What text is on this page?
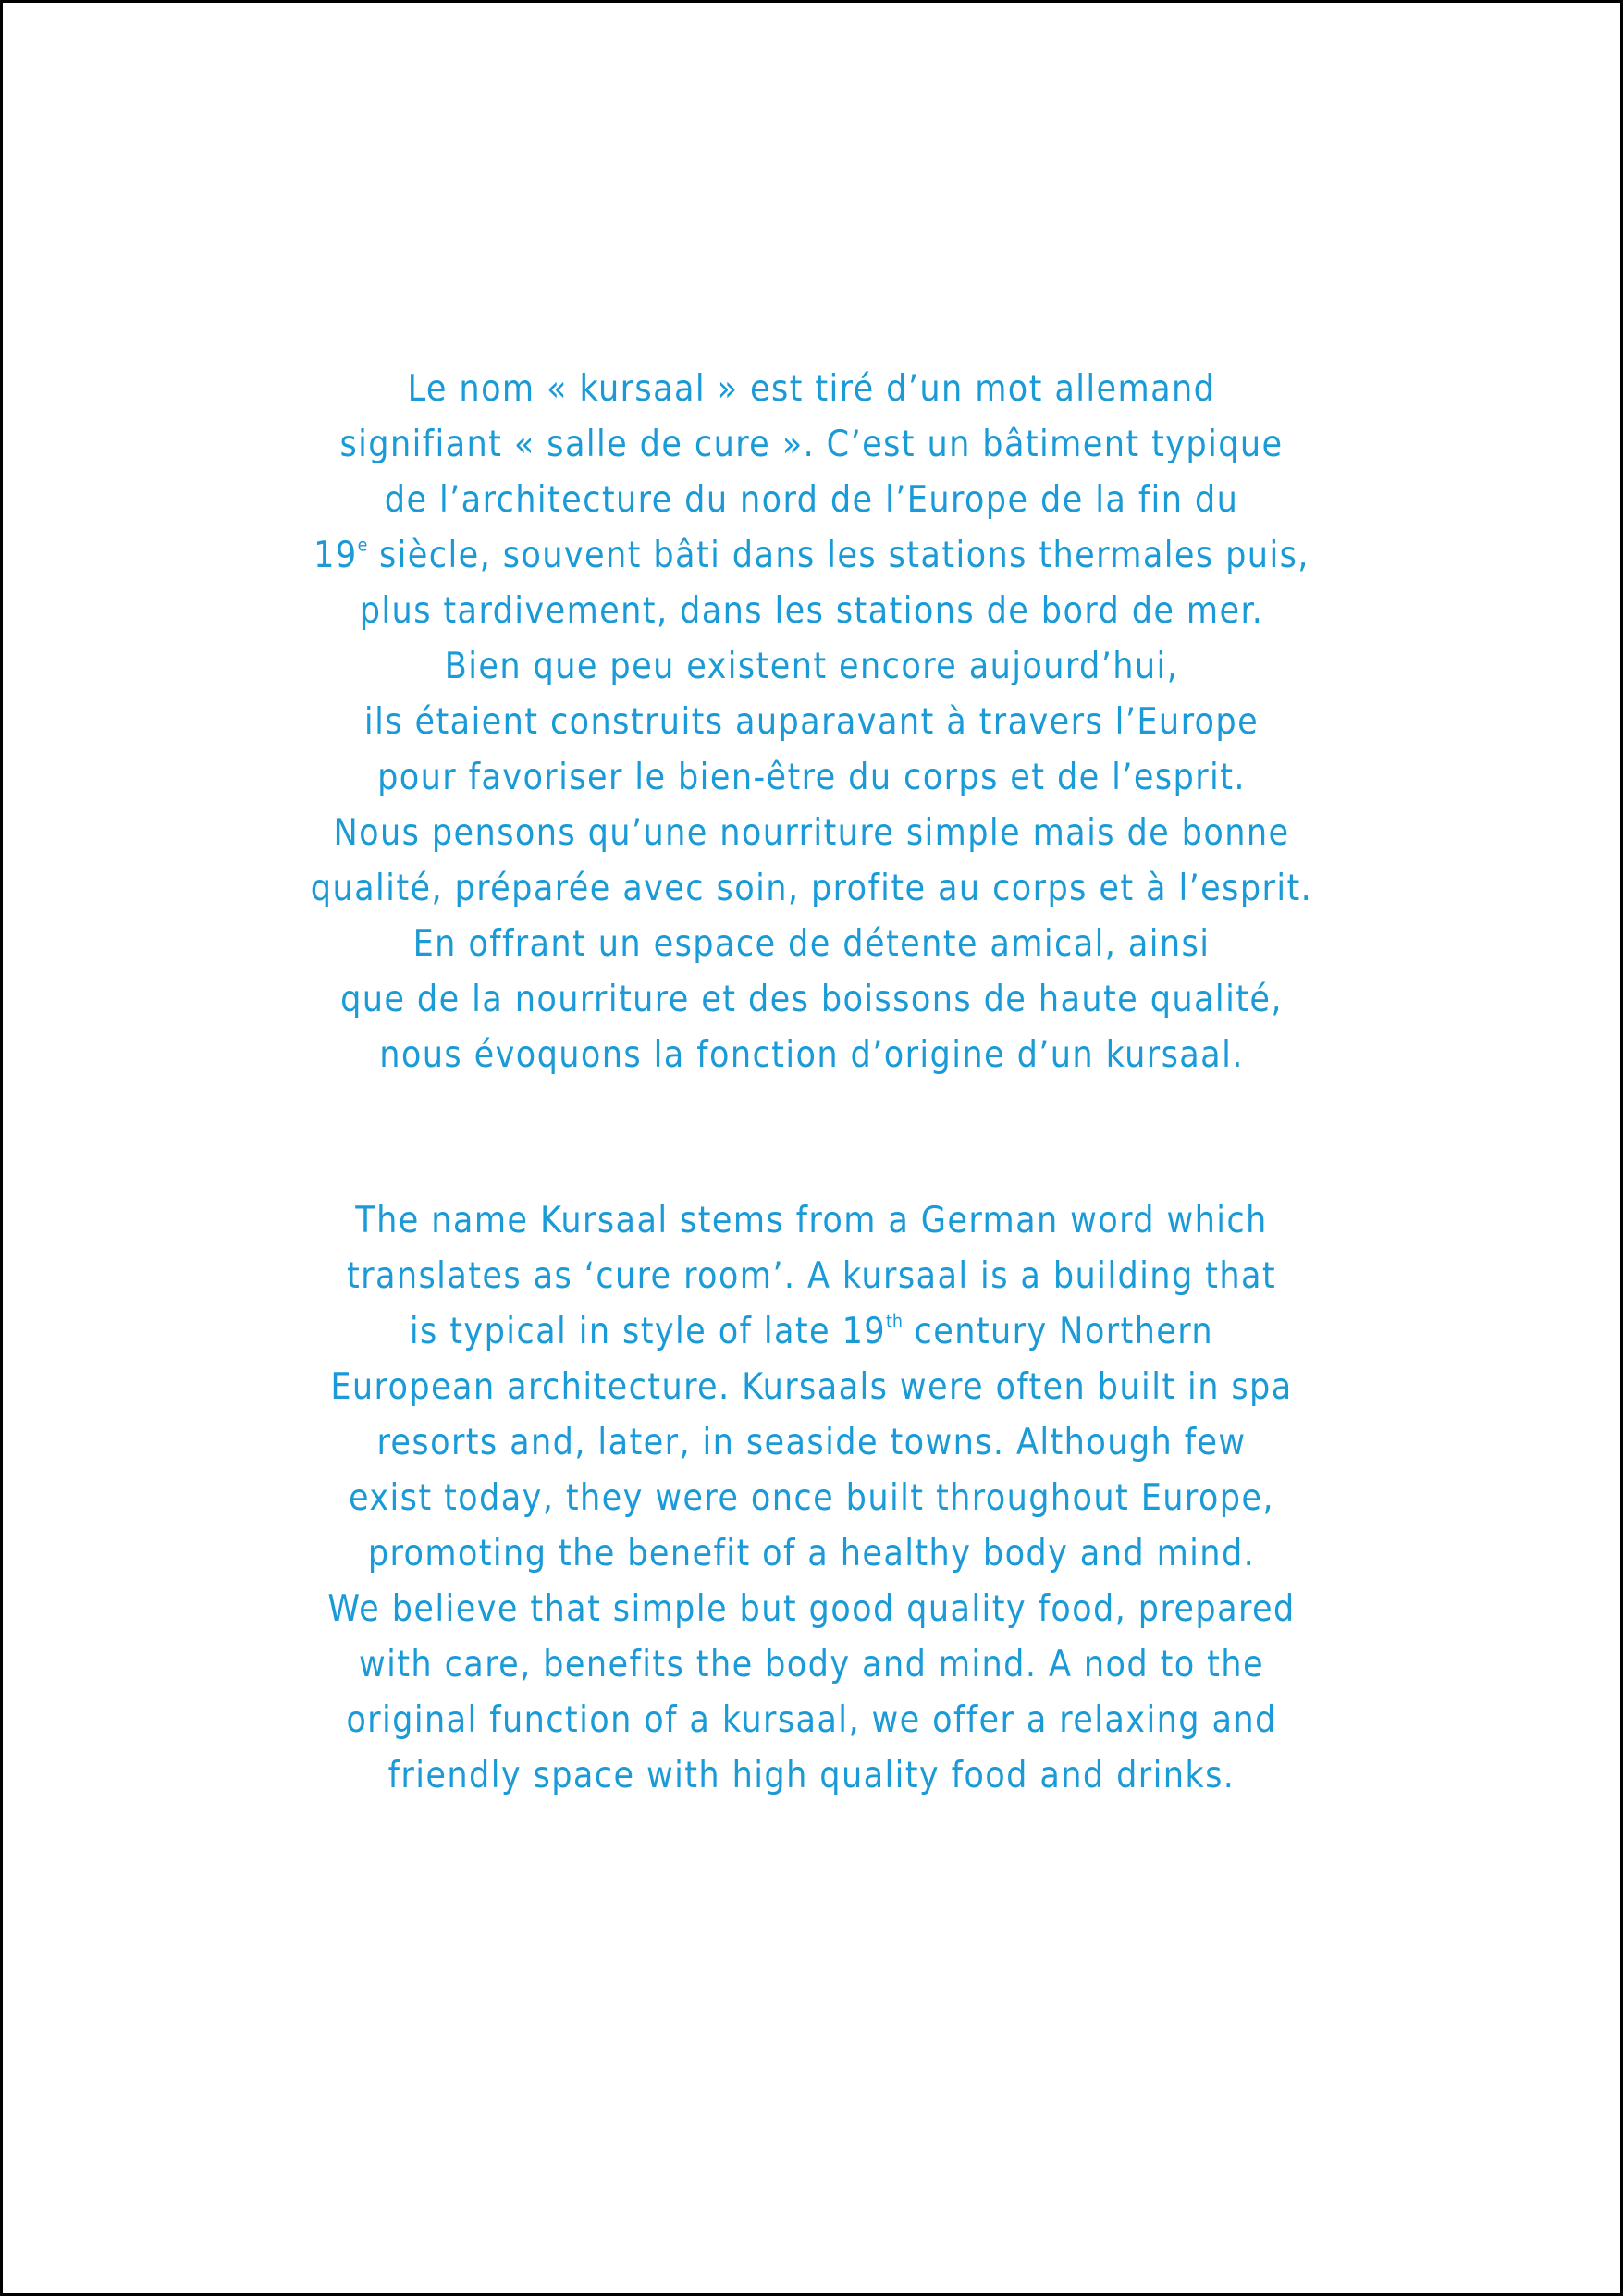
Le nom « kursaal » est tiré d’un mot allemand
signifiant « salle de cure ». C’est un bâtiment typique
de l’architecture du nord de l’Europe de la fin du
19e siècle, souvent bâti dans les stations thermales puis,
plus tardivement, dans les stations de bord de mer.
Bien que peu existent encore aujourd’hui,
ils étaient construits auparavant à travers l’Europe
pour favoriser le bien-être du corps et de l’esprit.
Nous pensons qu’une nourriture simple mais de bonne
qualité, préparée avec soin, profite au corps et à l’esprit.
En offrant un espace de détente amical, ainsi
que de la nourriture et des boissons de haute qualité,
nous évoquons la fonction d’origine d’un kursaal.
The name Kursaal stems from a German word which
translates as ‘cure room’. A kursaal is a building that
is typical in style of late 19th century Northern
European architecture. Kursaals were often built in spa
resorts and, later, in seaside towns. Although few
exist today, they were once built throughout Europe,
promoting the benefit of a healthy body and mind.
We believe that simple but good quality food, prepared
with care, benefits the body and mind. A nod to the
original function of a kursaal, we offer a relaxing and
friendly space with high quality food and drinks.
